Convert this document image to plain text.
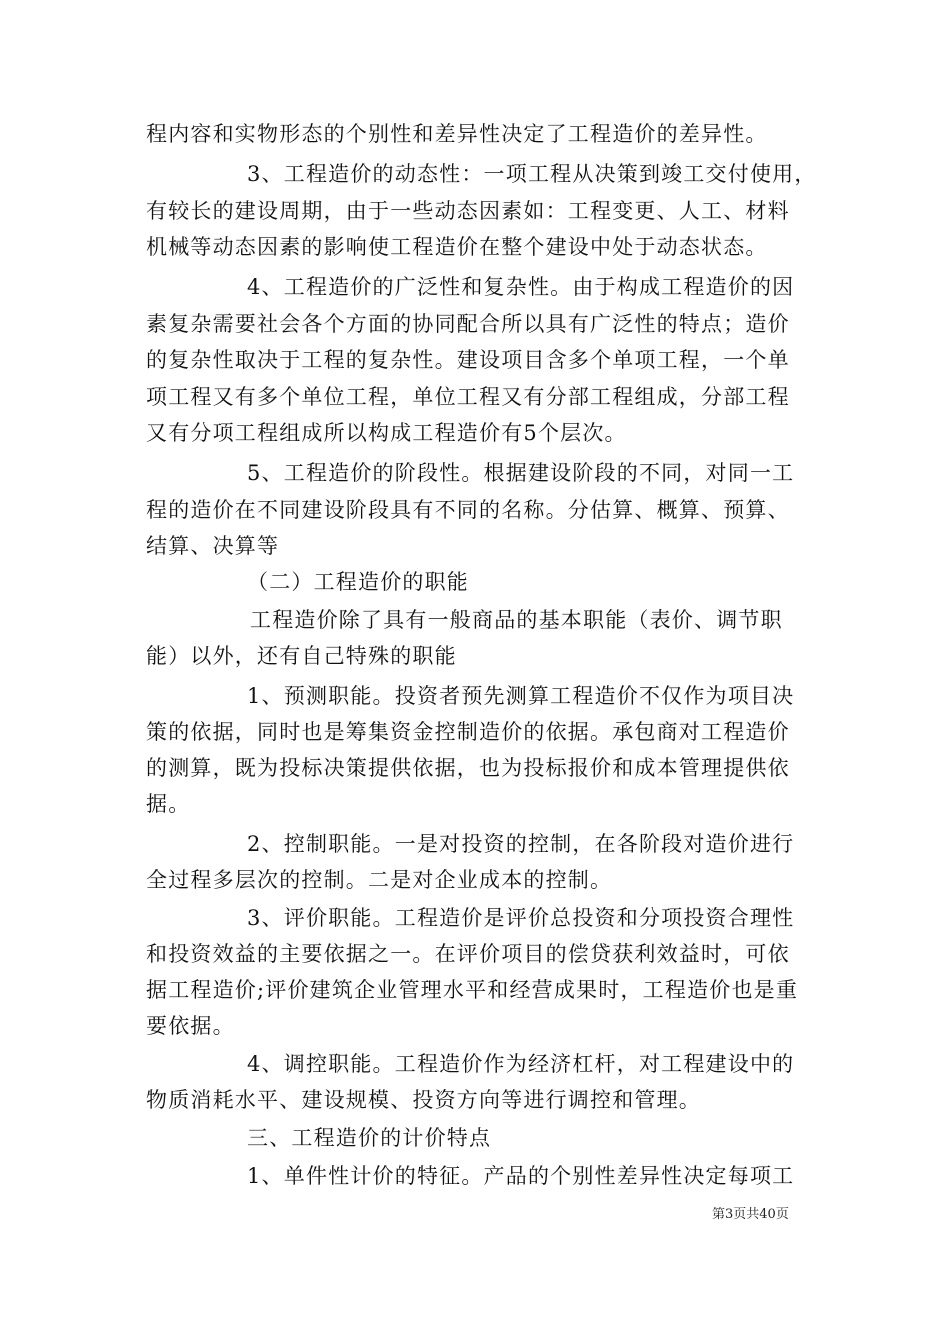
程内容和实物形态的个别性和差异性决定了工程造价的差异性。
3、工程造价的动态性：一项工程从决策到竣工交付使用，
有较长的建设周期，由于一些动态因素如：工程变更、人工、材料
机械等动态因素的影响使工程造价在整个建设中处于动态状态。
4、工程造价的广泛性和复杂性。由于构成工程造价的因
素复杂需要社会各个方面的协同配合所以具有广泛性的特点；造价
的复杂性取决于工程的复杂性。建设项目含多个单项工程，一个单
项工程又有多个单位工程，单位工程又有分部工程组成，分部工程
又有分项工程组成所以构成工程造价有5个层次。
5、工程造价的阶段性。根据建设阶段的不同，对同一工
程的造价在不同建设阶段具有不同的名称。分估算、概算、预算、
结算、决算等
（二）工程造价的职能
工程造价除了具有一般商品的基本职能（表价、调节职
能）以外，还有自己特殊的职能
1、预测职能。投资者预先测算工程造价不仅作为项目决
策的依据，同时也是筹集资金控制造价的依据。承包商对工程造价
的测算，既为投标决策提供依据，也为投标报价和成本管理提供依
据。
2、控制职能。一是对投资的控制，在各阶段对造价进行
全过程多层次的控制。二是对企业成本的控制。
3、评价职能。工程造价是评价总投资和分项投资合理性
和投资效益的主要依据之一。在评价项目的偿贷获利效益时，可依
据工程造价;评价建筑企业管理水平和经营成果时，工程造价也是重
要依据。
4、调控职能。工程造价作为经济杠杆，对工程建设中的
物质消耗水平、建设规模、投资方向等进行调控和管理。
三、工程造价的计价特点
1、单件性计价的特征。产品的个别性差异性决定每项工
第3页共40页
